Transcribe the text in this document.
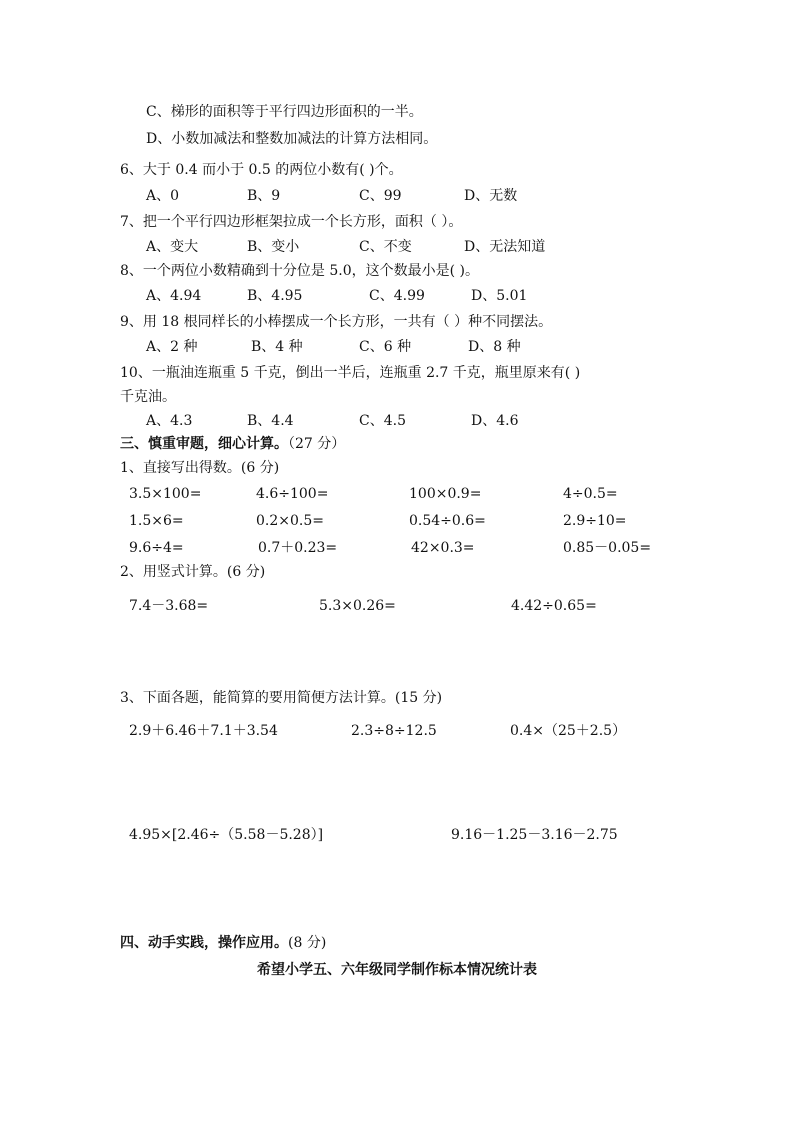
C、梯形的面积等于平行四边形面积的一半。
D、小数加减法和整数加减法的计算方法相同。
6、大于 0.4 而小于 0.5 的两位小数有( )个。
A、0	B、9	C、99	D、无数
7、把一个平行四边形框架拉成一个长方形，面积（ ）。
A、变大	B、变小	C、不变	D、无法知道
8、一个两位小数精确到十分位是 5.0，这个数最小是( )。
A、4.94	B、4.95	C、4.99	D、5.01
9、用 18 根同样长的小棒摆成一个长方形，一共有（ ）种不同摆法。
A、2 种	B、4 种	C、6 种	D、8 种
10、一瓶油连瓶重 5 千克，倒出一半后，连瓶重 2.7 千克，瓶里原来有( )
千克油。
A、4.3	B、4.4	C、4.5	D、4.6
三、慎重审题，细心计算。（27 分）
1、直接写出得数。(6 分)
3.5×100=	4.6÷100=	100×0.9=	4÷0.5=
1.5×6=	0.2×0.5=	0.54÷0.6=	2.9÷10=
9.6÷4=	0.7＋0.23=	42×0.3=	0.85－0.05=
2、用竖式计算。(6 分)
7.4－3.68=	5.3×0.26=	4.42÷0.65=
3、下面各题，能简算的要用简便方法计算。(15 分)
2.9＋6.46＋7.1＋3.54	2.3÷8÷12.5	0.4×（25＋2.5）
4.95×[2.46÷（5.58－5.28）]	9.16－1.25－3.16－2.75
四、动手实践，操作应用。(8 分)
希望小学五、六年级同学制作标本情况统计表
